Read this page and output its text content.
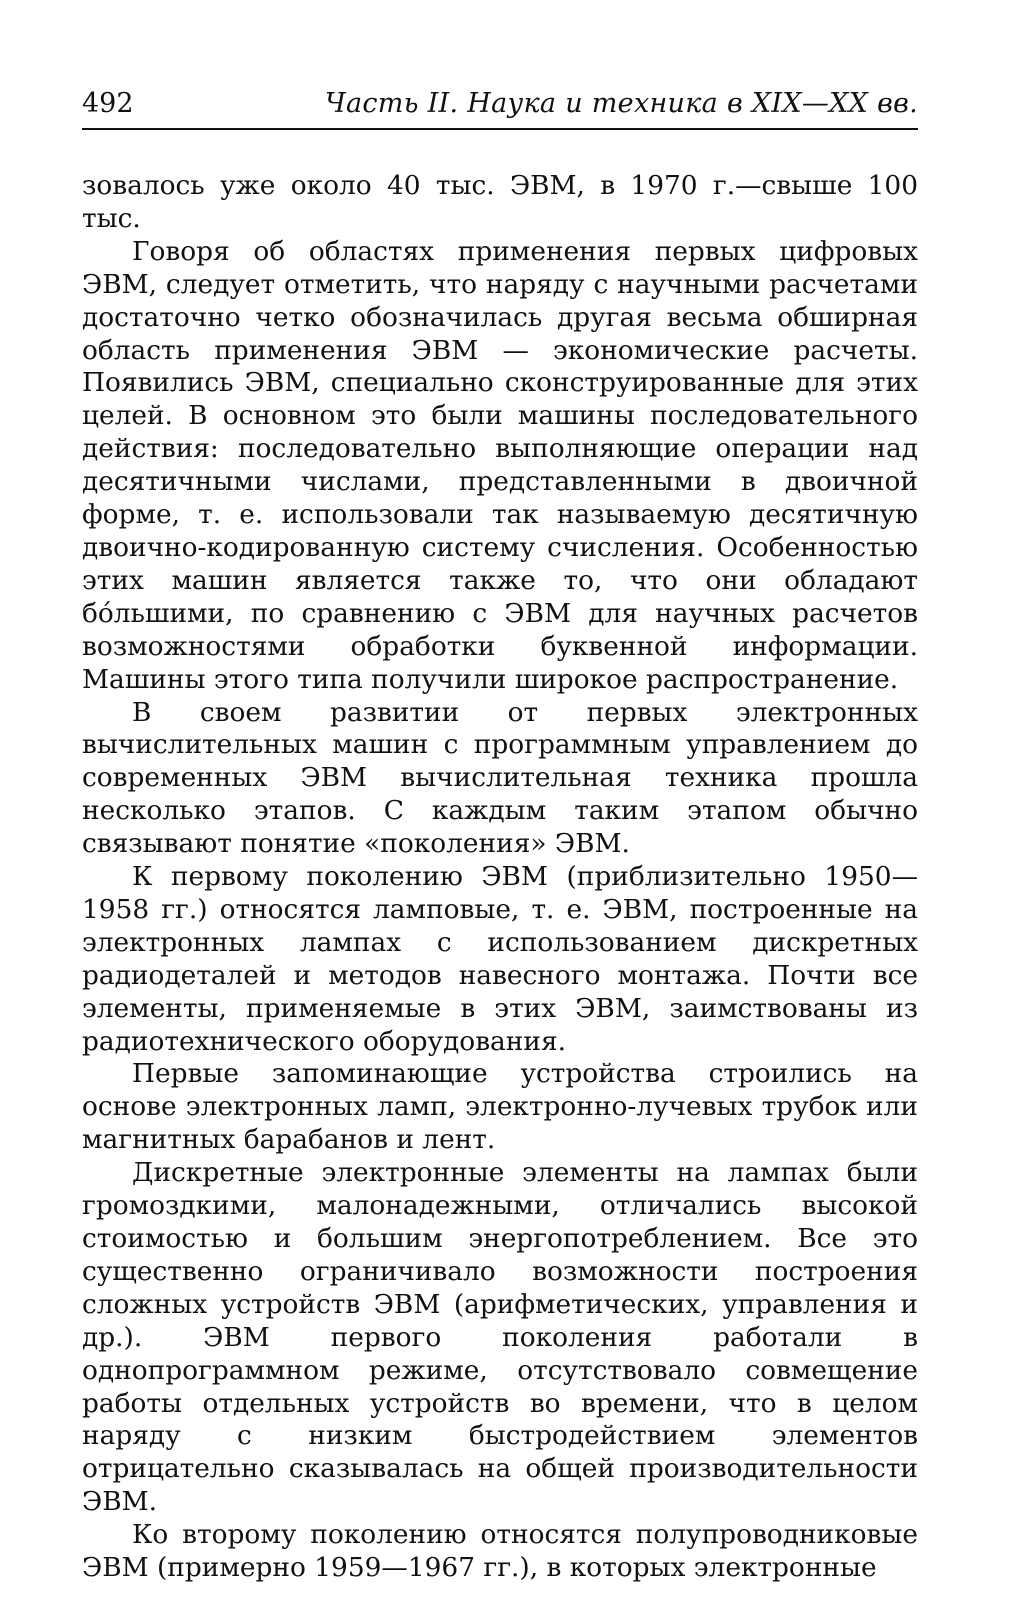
492	Часть II. Наука и техника в XIX—XX вв.

зовалось уже около 40 тыс. ЭВМ, в 1970 г.—свыше 100 тыс.

Говоря об областях применения первых цифровых ЭВМ, следует отметить, что наряду с научными расчетами достаточно четко обозначилась другая весьма обширная область применения ЭВМ — экономические расчеты. Появились ЭВМ, специально сконструированные для этих целей. В основном это были машины последовательного действия: последовательно выполняющие операции над десятичными числами, представленными в двоичной форме, т. е. использовали так называемую десятичную двоично-кодированную систему счисления. Особенностью этих машин является также то, что они обладают бо́льшими, по сравнению с ЭВМ для научных расчетов возможностями обработки буквенной информации. Машины этого типа получили широкое распространение.

В своем развитии от первых электронных вычислительных машин с программным управлением до современных ЭВМ вычислительная техника прошла несколько этапов. С каждым таким этапом обычно связывают понятие «поколения» ЭВМ.

К первому поколению ЭВМ (приблизительно 1950—1958 гг.) относятся ламповые, т. е. ЭВМ, построенные на электронных лампах с использованием дискретных радиодеталей и методов навесного монтажа. Почти все элементы, применяемые в этих ЭВМ, заимствованы из радиотехнического оборудования.

Первые запоминающие устройства строились на основе электронных ламп, электронно-лучевых трубок или магнитных барабанов и лент.

Дискретные электронные элементы на лампах были громоздкими, малонадежными, отличались высокой стоимостью и большим энергопотреблением. Все это существенно ограничивало возможности построения сложных устройств ЭВМ (арифметических, управления и др.). ЭВМ первого поколения работали в однопрограммном режиме, отсутствовало совмещение работы отдельных устройств во времени, что в целом наряду с низким быстродействием элементов отрицательно сказывалась на общей производительности ЭВМ.

Ко второму поколению относятся полупроводниковые ЭВМ (примерно 1959—1967 гг.), в которых электронные
